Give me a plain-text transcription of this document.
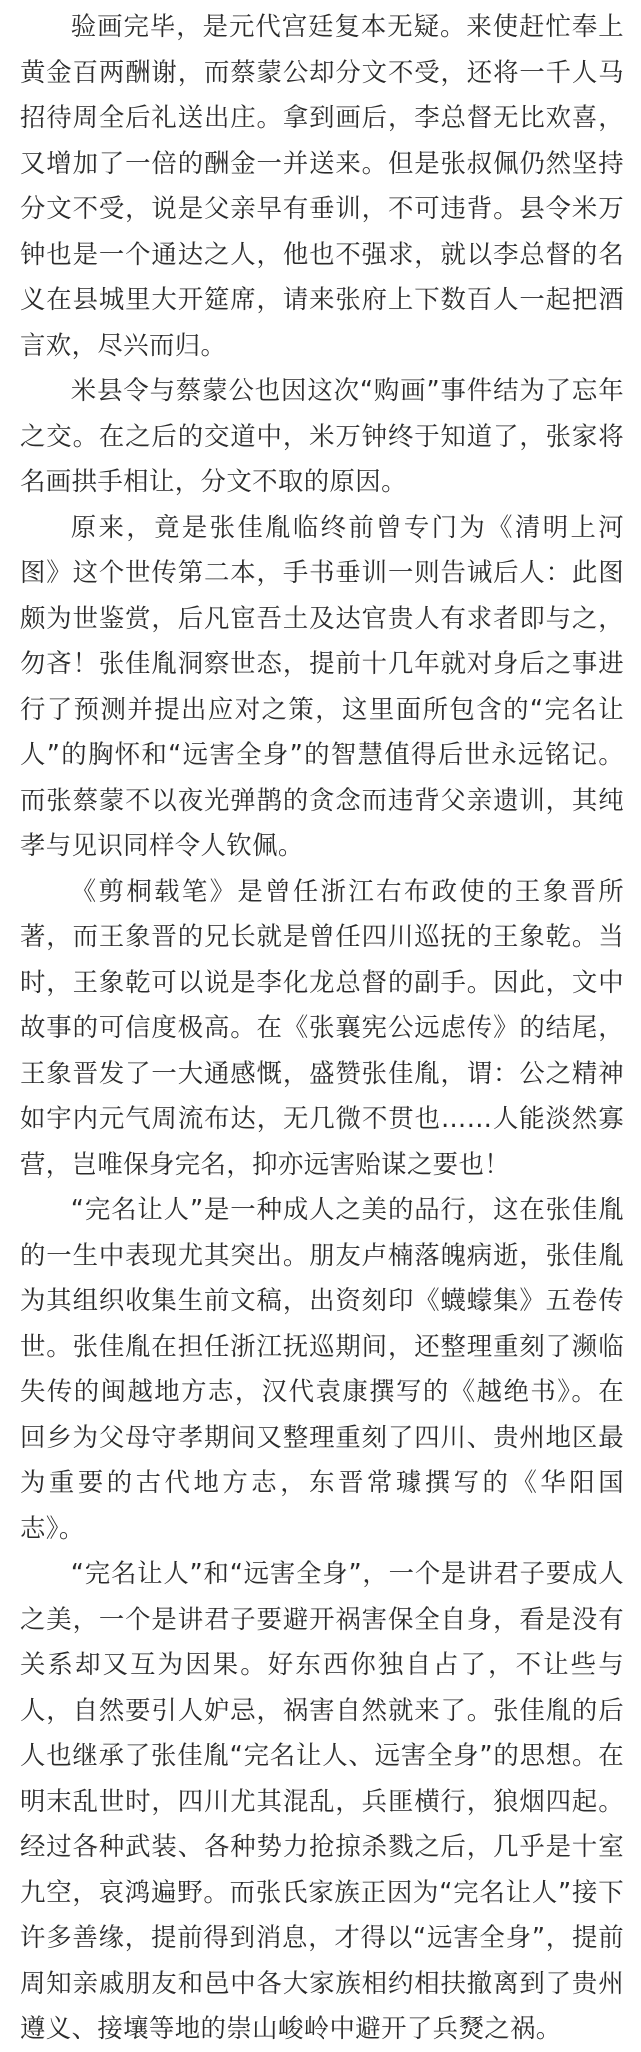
验画完毕，是元代宫廷复本无疑。来使赶忙奉上黄金百两酬谢，而蔡蒙公却分文不受，还将一千人马招待周全后礼送出庄。拿到画后，李总督无比欢喜，又增加了一倍的酬金一并送来。但是张叔佩仍然坚持分文不受，说是父亲早有垂训，不可违背。县令米万钟也是一个通达之人，他也不强求，就以李总督的名义在县城里大开筵席，请来张府上下数百人一起把酒言欢，尽兴而归。

米县令与蔡蒙公也因这次“购画”事件结为了忘年之交。在之后的交道中，米万钟终于知道了，张家将名画拱手相让，分文不取的原因。

原来，竟是张佳胤临终前曾专门为《清明上河图》这个世传第二本，手书垂训一则告诫后人：此图颇为世鉴赏，后凡宦吾土及达官贵人有求者即与之，勿吝！张佳胤洞察世态，提前十几年就对身后之事进行了预测并提出应对之策，这里面所包含的“完名让人”的胸怀和“远害全身”的智慧值得后世永远铭记。而张蔡蒙不以夜光弹鹊的贪念而违背父亲遗训，其纯孝与见识同样令人钦佩。

《剪桐载笔》是曾任浙江右布政使的王象晋所著，而王象晋的兄长就是曾任四川巡抚的王象乾。当时，王象乾可以说是李化龙总督的副手。因此，文中故事的可信度极高。在《张襄宪公远虑传》的结尾，王象晋发了一大通感慨，盛赞张佳胤，谓：公之精神如宇内元气周流布达，无几微不贯也……人能淡然寡营，岂唯保身完名，抑亦远害贻谋之要也！

“完名让人”是一种成人之美的品行，这在张佳胤的一生中表现尤其突出。朋友卢楠落魄病逝，张佳胤为其组织收集生前文稿，出资刻印《蠛蠓集》五卷传世。张佳胤在担任浙江抚巡期间，还整理重刻了濒临失传的闽越地方志，汉代袁康撰写的《越绝书》。在回乡为父母守孝期间又整理重刻了四川、贵州地区最为重要的古代地方志，东晋常璩撰写的《华阳国志》。

“完名让人”和“远害全身”，一个是讲君子要成人之美，一个是讲君子要避开祸害保全自身，看是没有关系却又互为因果。好东西你独自占了，不让些与人，自然要引人妒忌，祸害自然就来了。张佳胤的后人也继承了张佳胤“完名让人、远害全身”的思想。在明末乱世时，四川尤其混乱，兵匪横行，狼烟四起。经过各种武装、各种势力抢掠杀戮之后，几乎是十室九空，哀鸿遍野。而张氏家族正因为“完名让人”接下许多善缘，提前得到消息，才得以“远害全身”，提前周知亲戚朋友和邑中各大家族相约相扶撤离到了贵州遵义、接壤等地的崇山峻岭中避开了兵燹之祸。
